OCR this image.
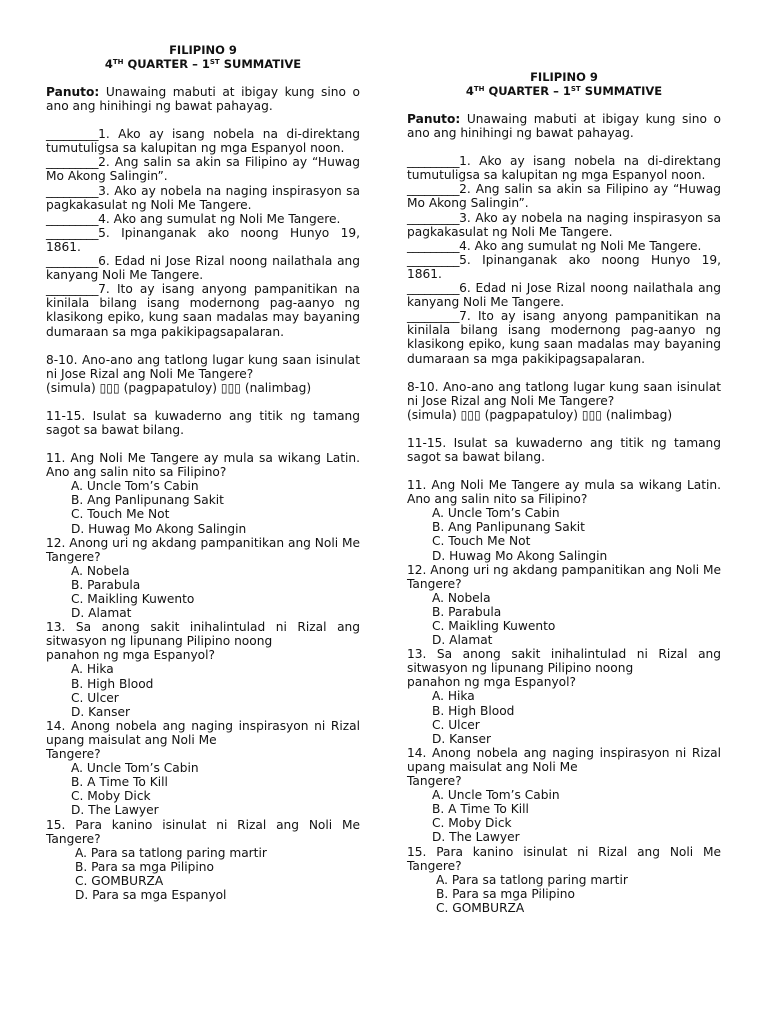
FILIPINO 9
4TH QUARTER – 1ST SUMMATIVE

Panuto: Unawaing mabuti at ibigay kung sino o ano ang hinihingi ng bawat pahayag.

_________1. Ako ay isang nobela na di-direktang tumutuligsa sa kalupitan ng mga Espanyol noon.

_________2. Ang salin sa akin sa Filipino ay “Huwag Mo Akong Salingin”.

_________3. Ako ay nobela na naging inspirasyon sa pagkakasulat ng Noli Me Tangere.

_________4. Ako ang sumulat ng Noli Me Tangere.

_________5. Ipinanganak ako noong Hunyo 19, 1861.

_________6. Edad ni Jose Rizal noong nailathala ang kanyang Noli Me Tangere.

_________7. Ito ay isang anyong pampanitikan na kinilala bilang isang modernong pag-aanyo ng klasikong epiko, kung saan madalas may bayaning dumaraan sa mga pakikipagsapalaran.

8-10. Ano-ano ang tatlong lugar kung saan isinulat ni Jose Rizal ang Noli Me Tangere?

(simula) ▯▯▯ (pagpapatuloy) ▯▯▯ (nalimbag)

11-15. Isulat sa kuwaderno ang titik ng tamang sagot sa bawat bilang.

11. Ang Noli Me Tangere ay mula sa wikang Latin. Ano ang salin nito sa Filipino?

A. Uncle Tom’s Cabin

B. Ang Panlipunang Sakit

C. Touch Me Not

D. Huwag Mo Akong Salingin

12. Anong uri ng akdang pampanitikan ang Noli Me Tangere?

A. Nobela

B. Parabula

C. Maikling Kuwento

D. Alamat

13. Sa anong sakit inihalintulad ni Rizal ang sitwasyon ng lipunang Pilipino noong

panahon ng mga Espanyol?

A. Hika

B. High Blood

C. Ulcer

D. Kanser

14. Anong nobela ang naging inspirasyon ni Rizal upang maisulat ang Noli Me

Tangere?

A. Uncle Tom’s Cabin

B. A Time To Kill

C. Moby Dick

D. The Lawyer

15. Para kanino isinulat ni Rizal ang Noli Me Tangere?

A. Para sa tatlong paring martir

B. Para sa mga Pilipino

C. GOMBURZA

D. Para sa mga Espanyol

FILIPINO 9
4TH QUARTER – 1ST SUMMATIVE

Panuto: Unawaing mabuti at ibigay kung sino o ano ang hinihingi ng bawat pahayag.

_________1. Ako ay isang nobela na di-direktang tumutuligsa sa kalupitan ng mga Espanyol noon.

_________2. Ang salin sa akin sa Filipino ay “Huwag Mo Akong Salingin”.

_________3. Ako ay nobela na naging inspirasyon sa pagkakasulat ng Noli Me Tangere.

_________4. Ako ang sumulat ng Noli Me Tangere.

_________5. Ipinanganak ako noong Hunyo 19, 1861.

_________6. Edad ni Jose Rizal noong nailathala ang kanyang Noli Me Tangere.

_________7. Ito ay isang anyong pampanitikan na kinilala bilang isang modernong pag-aanyo ng klasikong epiko, kung saan madalas may bayaning dumaraan sa mga pakikipagsapalaran.

8-10. Ano-ano ang tatlong lugar kung saan isinulat ni Jose Rizal ang Noli Me Tangere?

(simula) ▯▯▯ (pagpapatuloy) ▯▯▯ (nalimbag)

11-15. Isulat sa kuwaderno ang titik ng tamang sagot sa bawat bilang.

11. Ang Noli Me Tangere ay mula sa wikang Latin. Ano ang salin nito sa Filipino?

A. Uncle Tom’s Cabin

B. Ang Panlipunang Sakit

C. Touch Me Not

D. Huwag Mo Akong Salingin

12. Anong uri ng akdang pampanitikan ang Noli Me Tangere?

A. Nobela

B. Parabula

C. Maikling Kuwento

D. Alamat

13. Sa anong sakit inihalintulad ni Rizal ang sitwasyon ng lipunang Pilipino noong

panahon ng mga Espanyol?

A. Hika

B. High Blood

C. Ulcer

D. Kanser

14. Anong nobela ang naging inspirasyon ni Rizal upang maisulat ang Noli Me

Tangere?

A. Uncle Tom’s Cabin

B. A Time To Kill

C. Moby Dick

D. The Lawyer

15. Para kanino isinulat ni Rizal ang Noli Me Tangere?

A. Para sa tatlong paring martir

B. Para sa mga Pilipino

C. GOMBURZA
